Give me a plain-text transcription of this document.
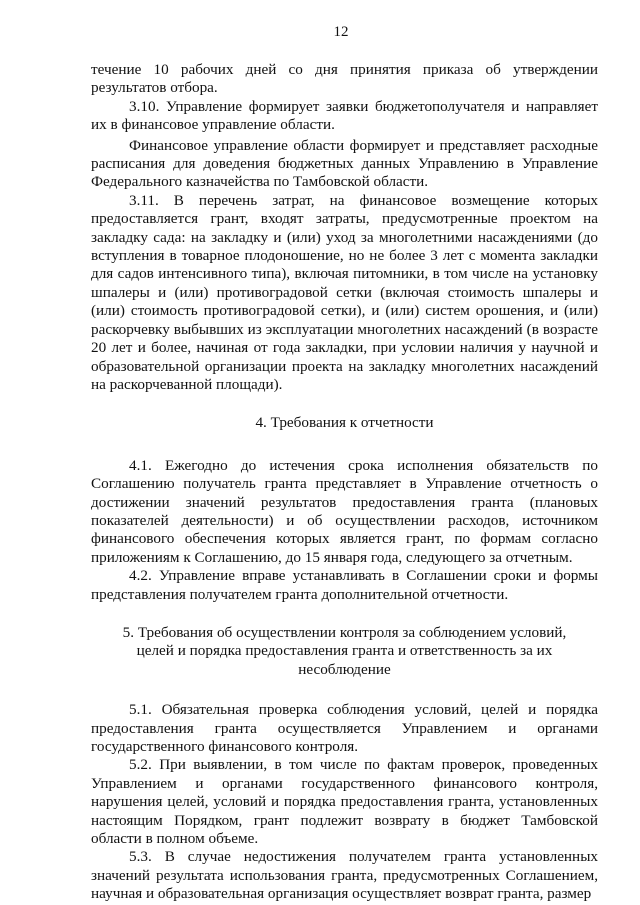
12

течение 10 рабочих дней со дня принятия приказа об утверждении результатов отбора.

3.10. Управление формирует заявки бюджетополучателя и направляет их в финансовое управление области.

Финансовое управление области формирует и представляет расходные расписания для доведения бюджетных данных Управлению в Управление Федерального казначейства по Тамбовской области.

3.11. В перечень затрат, на финансовое возмещение которых предоставляется грант, входят затраты, предусмотренные проектом на закладку сада: на закладку и (или) уход за многолетними насаждениями (до вступления в товарное плодоношение, но не более 3 лет с момента закладки для садов интенсивного типа), включая питомники, в том числе на установку шпалеры и (или) противоградовой сетки (включая стоимость шпалеры и (или) стоимость противоградовой сетки), и (или) систем орошения, и (или) раскорчевку выбывших из эксплуатации многолетних насаждений (в возрасте 20 лет и более, начиная от года закладки, при условии наличия у научной и образовательной организации проекта на закладку многолетних насаждений на раскорчеванной площади).

4. Требования к отчетности

4.1. Ежегодно до истечения срока исполнения обязательств по Соглашению получатель гранта представляет в Управление отчетность о достижении значений результатов предоставления гранта (плановых показателей деятельности) и об осуществлении расходов, источником финансового обеспечения которых является грант, по формам согласно приложениям к Соглашению, до 15 января года, следующего за отчетным.

4.2. Управление вправе устанавливать в Соглашении сроки и формы представления получателем гранта дополнительной отчетности.

5. Требования об осуществлении контроля за соблюдением условий,
целей и порядка предоставления гранта и ответственность за их
несоблюдение

5.1. Обязательная проверка соблюдения условий, целей и порядка предоставления гранта осуществляется Управлением и органами государственного финансового контроля.

5.2. При выявлении, в том числе по фактам проверок, проведенных Управлением и органами государственного финансового контроля, нарушения целей, условий и порядка предоставления гранта, установленных настоящим Порядком, грант подлежит возврату в бюджет Тамбовской области в полном объеме.

5.3. В случае недостижения получателем гранта установленных значений результата использования гранта, предусмотренных Соглашением, научная и образовательная организация осуществляет возврат гранта, размер
